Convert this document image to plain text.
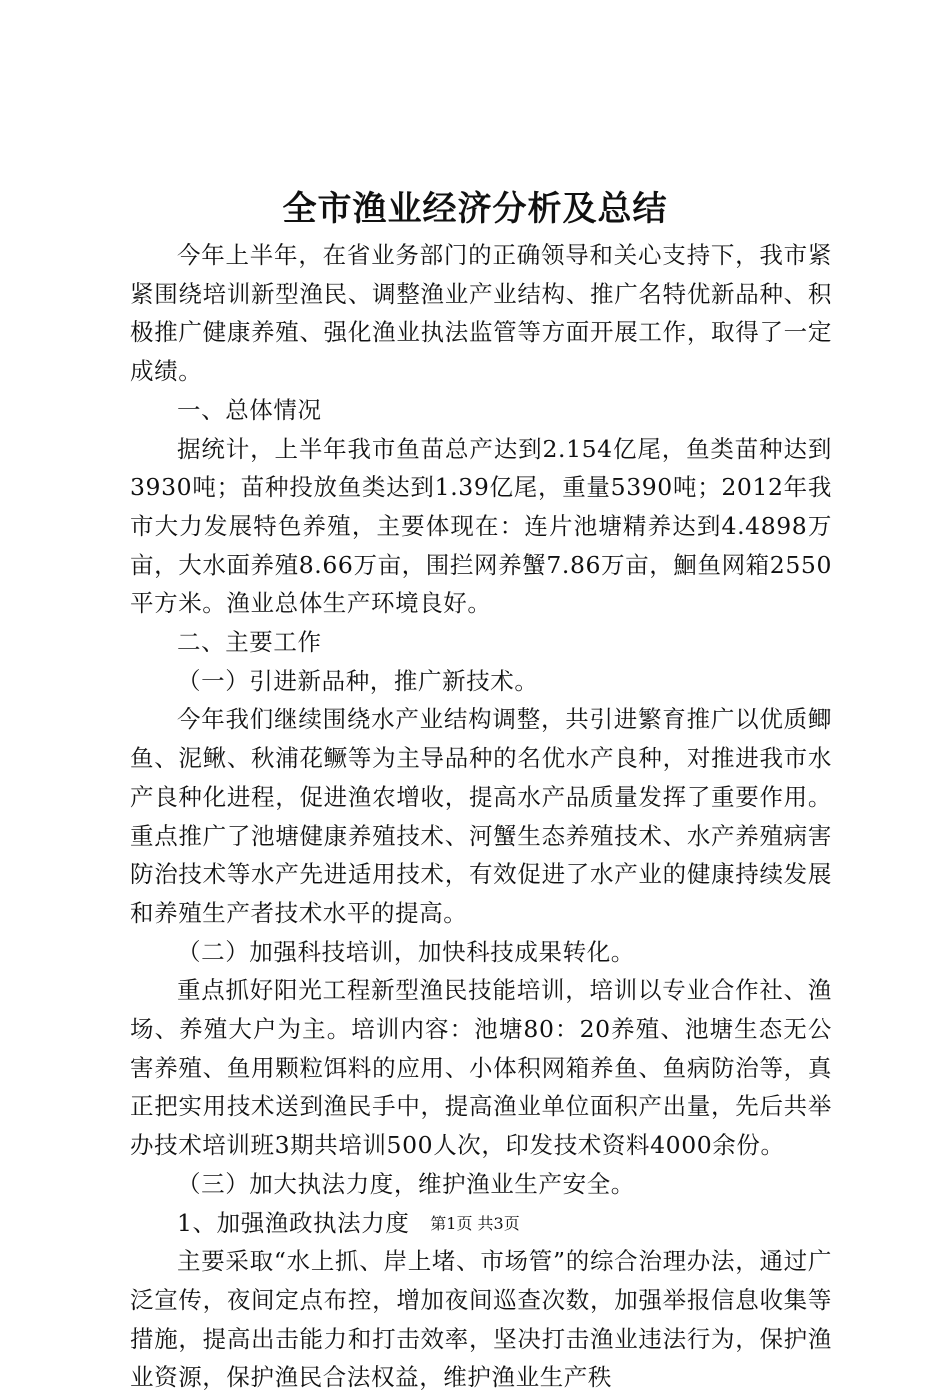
全市渔业经济分析及总结

今年上半年，在省业务部门的正确领导和关心支持下，我市紧紧围绕培训新型渔民、调整渔业产业结构、推广名特优新品种、积极推广健康养殖、强化渔业执法监管等方面开展工作，取得了一定成绩。

一、总体情况

据统计，上半年我市鱼苗总产达到2.154亿尾，鱼类苗种达到3930吨；苗种投放鱼类达到1.39亿尾，重量5390吨；2012年我市大力发展特色养殖，主要体现在：连片池塘精养达到4.4898万亩，大水面养殖8.66万亩，围拦网养蟹7.86万亩，鮰鱼网箱2550平方米。渔业总体生产环境良好。

二、主要工作

（一）引进新品种，推广新技术。

今年我们继续围绕水产业结构调整，共引进繁育推广以优质鲫鱼、泥鳅、秋浦花鳜等为主导品种的名优水产良种，对推进我市水产良种化进程，促进渔农增收，提高水产品质量发挥了重要作用。重点推广了池塘健康养殖技术、河蟹生态养殖技术、水产养殖病害防治技术等水产先进适用技术，有效促进了水产业的健康持续发展和养殖生产者技术水平的提高。

（二）加强科技培训，加快科技成果转化。

重点抓好阳光工程新型渔民技能培训，培训以专业合作社、渔场、养殖大户为主。培训内容：池塘80：20养殖、池塘生态无公害养殖、鱼用颗粒饵料的应用、小体积网箱养鱼、鱼病防治等，真正把实用技术送到渔民手中，提高渔业单位面积产出量，先后共举办技术培训班3期共培训500人次，印发技术资料4000余份。

（三）加大执法力度，维护渔业生产安全。

1、加强渔政执法力度

主要采取“水上抓、岸上堵、市场管”的综合治理办法，通过广泛宣传，夜间定点布控，增加夜间巡查次数，加强举报信息收集等措施，提高出击能力和打击效率，坚决打击渔业违法行为，保护渔业资源，保护渔民合法权益，维护渔业生产秩

第1页 共3页
